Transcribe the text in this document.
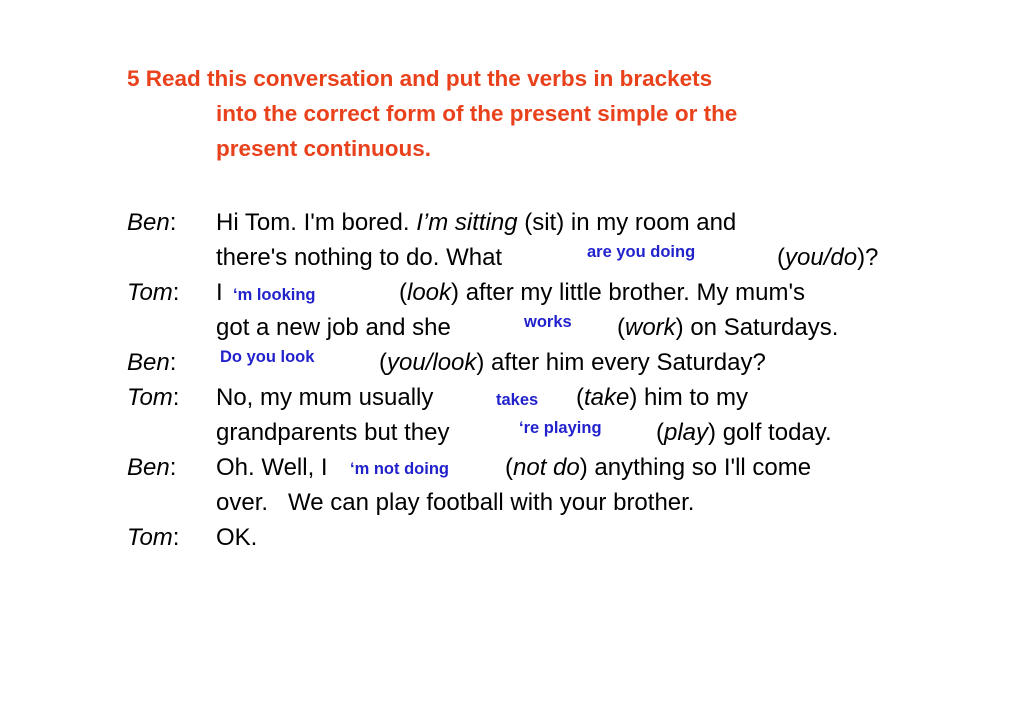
5 Read this conversation and put the verbs in brackets
into the correct form of the present simple or the
present continuous.
Ben: Hi Tom. I'm bored. I’m sitting (sit) in my room and
there's nothing to do. What	are you doing	(you/do)?
Tom: I ‘m looking	(look) after my little brother. My mum's
got a new job and she	works (work) on Saturdays.
Ben:	Do you look	(you/look) after him every Saturday?
Tom: No, my mum usually	takes (take) him to my
grandparents but they	‘re playing (play) golf today.
Ben: Oh. Well, I ‘m not doing (not do) anything so I'll come
over.   We can play football with your brother.
Tom: OK.
